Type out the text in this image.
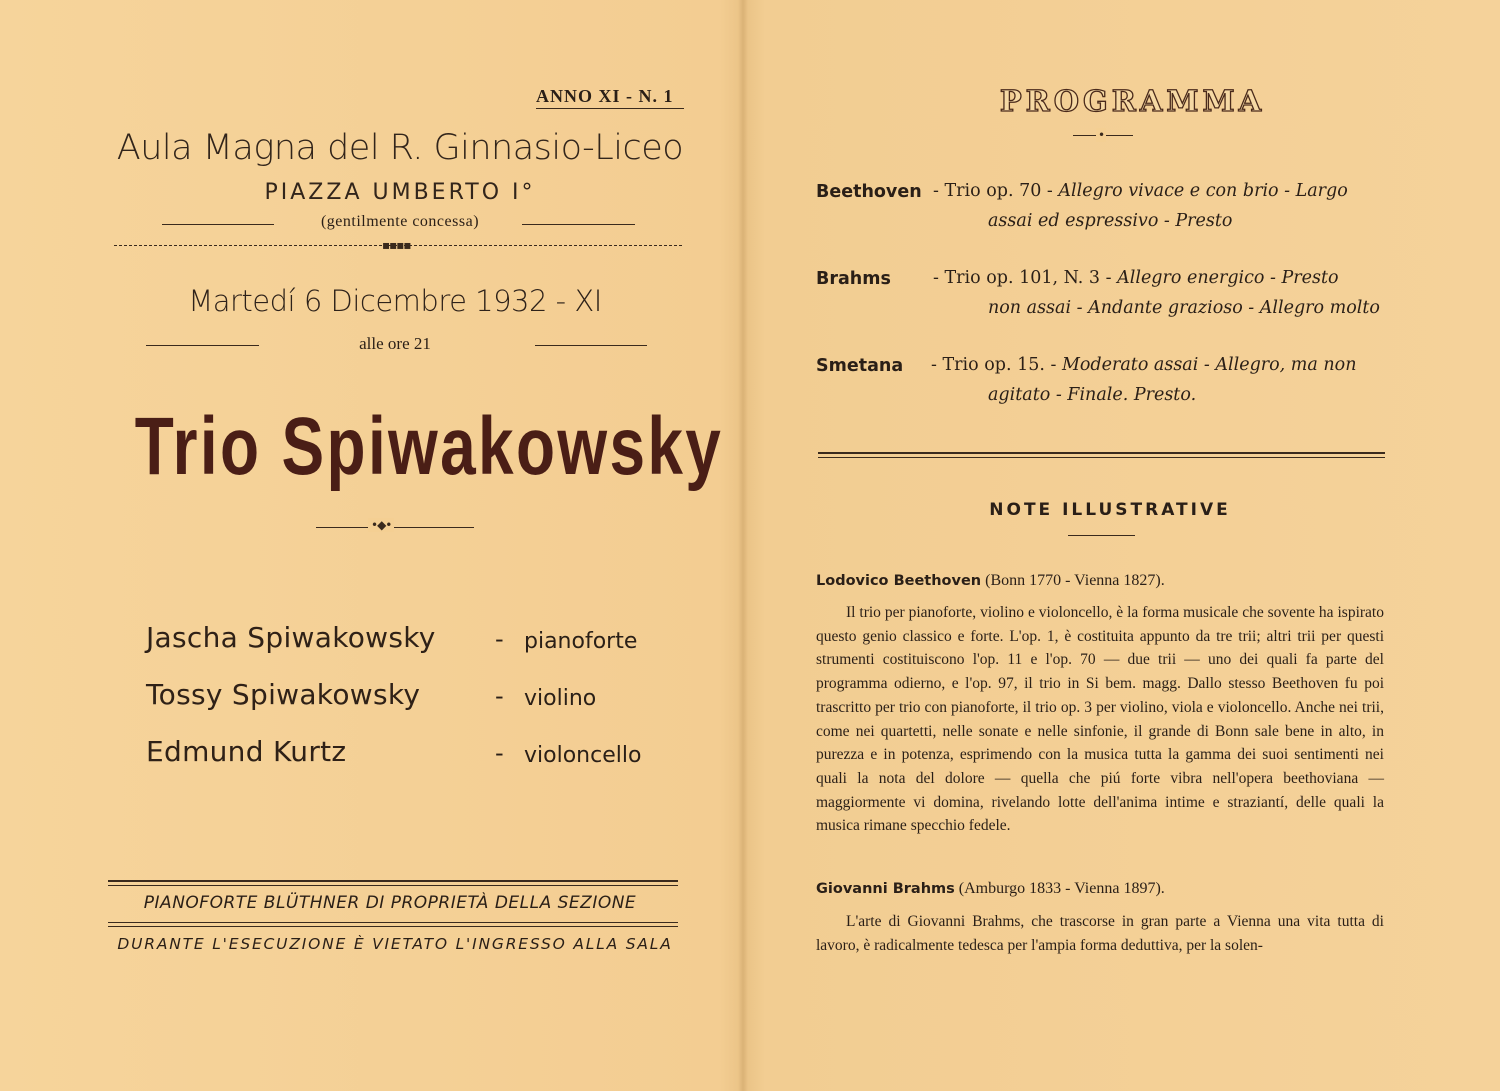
ANNO XI - N. 1
Aula Magna del R. Ginnasio-Liceo
PIAZZA UMBERTO I°
(gentilmente concessa)
▪▪▪▪
Martedí 6 Dicembre 1932 - XI
alle ore 21
Trio Spiwakowsky
•◆•
Jascha Spiwakowsky - pianoforte
Tossy Spiwakowsky	- violino
Edmund Kurtz	- violoncello
PIANOFORTE BLÜTHNER DI PROPRIETÀ DELLA SEZIONE
DURANTE L'ESECUZIONE È VIETATO L'INGRESSO ALLA SALA
PROGRAMMA
•
Beethoven - Trio op. 70 - Allegro vivace e con brio - Largo
assai ed espressivo - Presto
Brahms - Trio op. 101, N. 3 - Allegro energico - Presto
non assai - Andante grazioso - Allegro molto
Smetana - Trio op. 15. - Moderato assai - Allegro, ma non
agitato - Finale. Presto.
NOTE ILLUSTRATIVE
Lodovico Beethoven (Bonn 1770 - Vienna 1827).
Il trio per pianoforte, violino e violoncello, è la forma musicale che sovente ha ispirato questo genio classico e forte. L'op. 1, è costituita appunto da tre trii; altri trii per questi strumenti costituiscono l'op. 11 e l'op. 70 — due trii — uno dei quali fa parte del programma odierno, e l'op. 97, il trio in Si bem. magg. Dallo stesso Beethoven fu poi trascritto per trio con pianoforte, il trio op. 3 per violino, viola e violoncello. Anche nei trii, come nei quartetti, nelle sonate e nelle sinfonie, il grande di Bonn sale bene in alto, in purezza e in potenza, esprimendo con la musica tutta la gamma dei suoi sentimenti nei quali la nota del dolore — quella che piú forte vibra nell'opera beethoviana — maggiormente vi domina, rivelando lotte dell'anima intime e straziantí, delle quali la musica rimane specchio fedele.
Giovanni Brahms (Amburgo 1833 - Vienna 1897).
L'arte di Giovanni Brahms, che trascorse in gran parte a Vienna una vita tutta di lavoro, è radicalmente tedesca per l'ampia forma deduttiva, per la solen-
